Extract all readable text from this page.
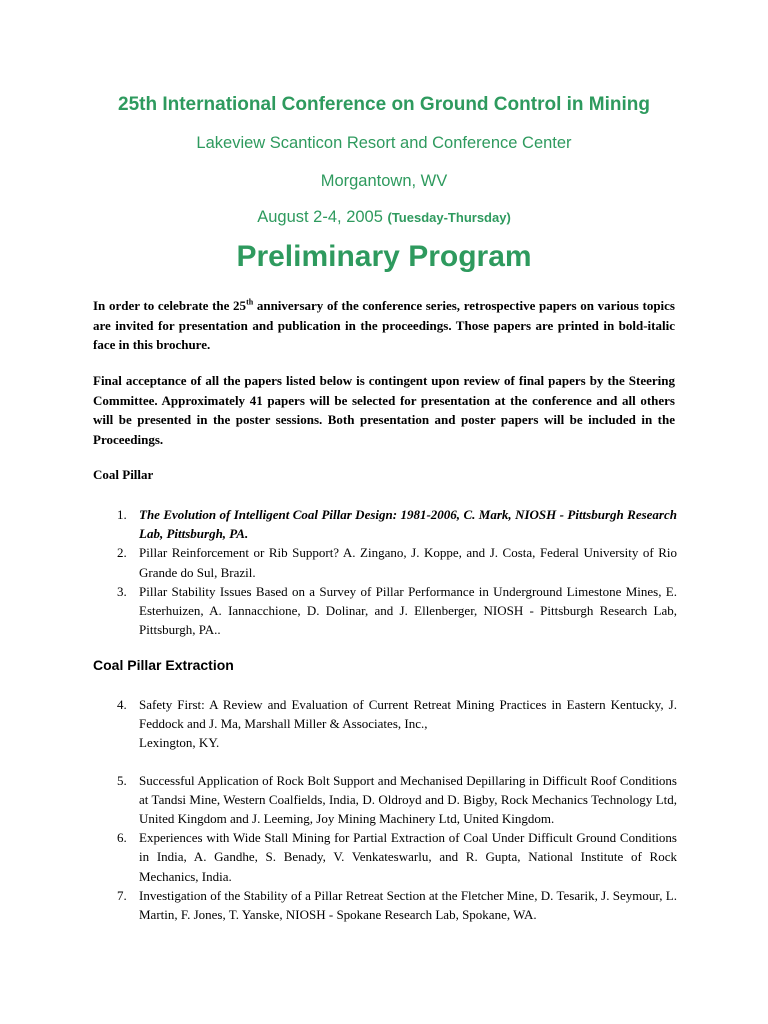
25th International Conference on Ground Control in Mining
Lakeview Scanticon Resort and Conference Center
Morgantown, WV
August 2-4, 2005 (Tuesday-Thursday)
Preliminary Program
In order to celebrate the 25th anniversary of the conference series, retrospective papers on various topics are invited for presentation and publication in the proceedings. Those papers are printed in bold-italic face in this brochure.
Final acceptance of all the papers listed below is contingent upon review of final papers by the Steering Committee. Approximately 41 papers will be selected for presentation at the conference and all others will be presented in the poster sessions. Both presentation and poster papers will be included in the Proceedings.
Coal Pillar
1. The Evolution of Intelligent Coal Pillar Design: 1981-2006, C. Mark, NIOSH - Pittsburgh Research Lab, Pittsburgh, PA.
2. Pillar Reinforcement or Rib Support? A. Zingano, J. Koppe, and J. Costa, Federal University of Rio Grande do Sul, Brazil.
3. Pillar Stability Issues Based on a Survey of Pillar Performance in Underground Limestone Mines, E. Esterhuizen, A. Iannacchione, D. Dolinar, and J. Ellenberger, NIOSH - Pittsburgh Research Lab, Pittsburgh, PA..
Coal Pillar Extraction
4. Safety First: A Review and Evaluation of Current Retreat Mining Practices in Eastern Kentucky, J. Feddock and J. Ma, Marshall Miller & Associates, Inc.,
Lexington, KY.
5. Successful Application of Rock Bolt Support and Mechanised Depillaring in Difficult Roof Conditions at Tandsi Mine, Western Coalfields, India, D. Oldroyd and D. Bigby, Rock Mechanics Technology Ltd, United Kingdom and J. Leeming, Joy Mining Machinery Ltd, United Kingdom.
6. Experiences with Wide Stall Mining for Partial Extraction of Coal Under Difficult Ground Conditions in India, A. Gandhe, S. Benady, V. Venkateswarlu, and R. Gupta, National Institute of Rock Mechanics, India.
7. Investigation of the Stability of a Pillar Retreat Section at the Fletcher Mine, D. Tesarik, J. Seymour, L. Martin, F. Jones, T. Yanske, NIOSH - Spokane Research Lab, Spokane, WA.
